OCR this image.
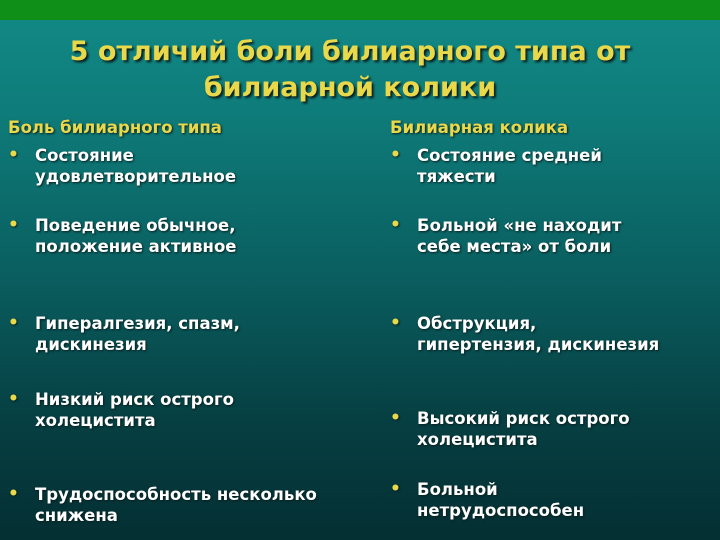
5 отличий боли билиарного типа от билиарной колики
Боль билиарного типа	Билиарная колика
• Состояние
удовлетворительное
• Поведение обычное,
положение активное
• Гипералгезия, спазм,
дискинезия
• Низкий риск острого
холецистита
• Трудоспособность несколько
снижена
• Состояние средней
тяжести
• Больной «не находит
себе места» от боли
• Обструкция,
гипертензия, дискинезия
• Высокий риск острого
холецистита
• Больной
нетрудоспособен
